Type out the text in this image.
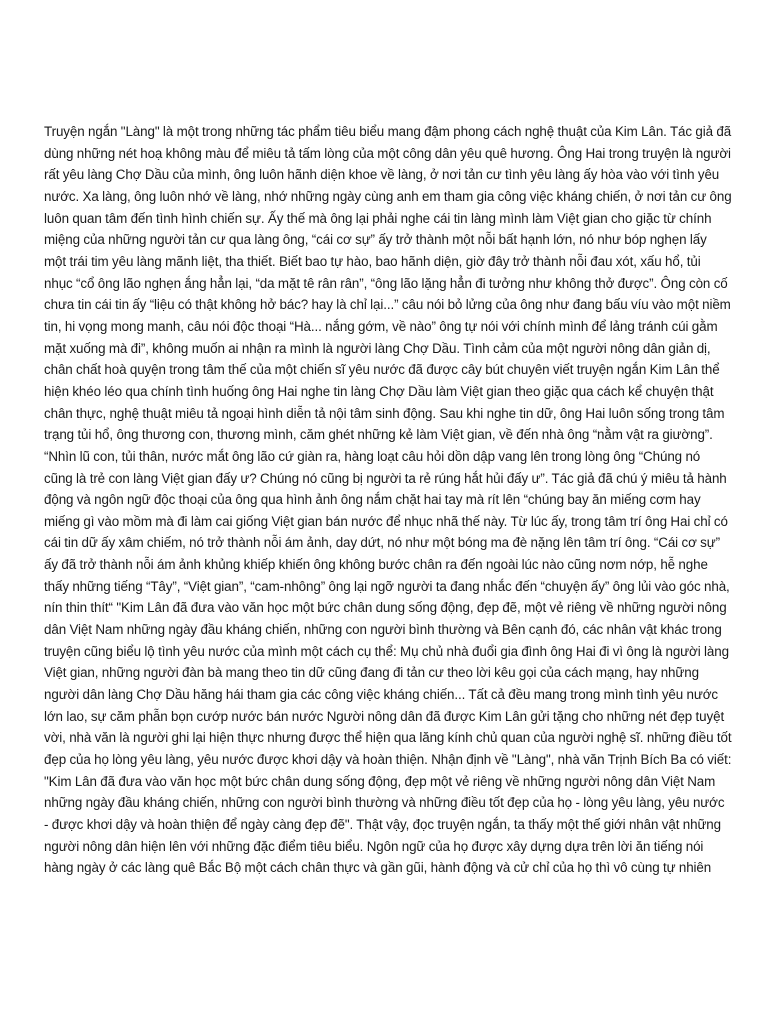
Truyện ngắn "Làng" là một trong những tác phẩm tiêu biểu mang đậm phong cách nghệ thuật của Kim Lân. Tác giả đã dùng những nét hoạ không màu để miêu tả tấm lòng của một công dân yêu quê hương. Ông Hai trong truyện là người rất yêu làng Chợ Dầu của mình, ông luôn hãnh diện khoe về làng, ở nơi tản cư tình yêu làng ấy hòa vào với tình yêu nước. Xa làng, ông luôn nhớ về làng, nhớ những ngày cùng anh em tham gia công việc kháng chiến, ở nơi tản cư ông luôn quan tâm đến tình hình chiến sự. Ấy thế mà ông lại phải nghe cái tin làng mình làm Việt gian cho giặc từ chính miệng của những người tản cư qua làng ông, “cái cơ sự” ấy trở thành một nỗi bất hạnh lớn, nó như bóp nghẹn lấy một trái tim yêu làng mãnh liệt, tha thiết. Biết bao tự hào, bao hãnh diện, giờ đây trở thành nỗi đau xót, xấu hổ, tủi nhục “cổ ông lão nghẹn ắng hẳn lại, “da mặt tê rân rân”, “ông lão lặng hẳn đi tưởng như không thở được”. Ông còn cố chưa tin cái tin ấy “liệu có thật không hở bác? hay là chỉ lại...” câu nói bỏ lửng của ông như đang bấu víu vào một niềm tin, hi vọng mong manh, câu nói độc thoại “Hà... nắng gớm, về nào” ông tự nói với chính mình để lảng tránh cúi gằm mặt xuống mà đi”, không muốn ai nhận ra mình là người làng Chợ Dầu. Tình cảm của một người nông dân giản dị, chân chất hoà quyện trong tâm thế của một chiến sĩ yêu nước đã được cây bút chuyên viết truyện ngắn Kim Lân thể hiện khéo léo qua chính tình huống ông Hai nghe tin làng Chợ Dầu làm Việt gian theo giặc qua cách kể chuyện thật chân thực, nghệ thuật miêu tả ngoại hình diễn tả nội tâm sinh động. Sau khi nghe tin dữ, ông Hai luôn sống trong tâm trạng tủi hổ, ông thương con, thương mình, căm ghét những kẻ làm Việt gian, về đến nhà ông “nằm vật ra giường”. “Nhìn lũ con, tủi thân, nước mắt ông lão cứ giàn ra, hàng loạt câu hỏi dồn dập vang lên trong lòng ông “Chúng nó cũng là trẻ con làng Việt gian đấy ư? Chúng nó cũng bị người ta rẻ rúng hắt hủi đấy ư”. Tác giả đã chú ý miêu tả hành động và ngôn ngữ độc thoại của ông qua hình ảnh ông nắm chặt hai tay mà rít lên “chúng bay ăn miếng cơm hay miếng gì vào mồm mà đi làm cai giống Việt gian bán nước để nhục nhã thế này. Từ lúc ấy, trong tâm trí ông Hai chỉ có cái tin dữ ấy xâm chiếm, nó trở thành nỗi ám ảnh, day dứt, nó như một bóng ma đè nặng lên tâm trí ông. “Cái cơ sự” ấy đã trở thành nỗi ám ảnh khủng khiếp khiến ông không bước chân ra đến ngoài lúc nào cũng nơm nớp, hễ nghe thấy những tiếng “Tây”, “Việt gian”, “cam-nhông” ông lại ngỡ người ta đang nhắc đến “chuyện ấy” ông lủi vào góc nhà, nín thin thít“ "Kim Lân đã đưa vào văn học một bức chân dung sống động, đẹp đẽ, một vẻ riêng về những người nông dân Việt Nam những ngày đầu kháng chiến, những con người bình thường và Bên cạnh đó, các nhân vật khác trong truyện cũng biểu lộ tình yêu nước của mình một cách cụ thể: Mụ chủ nhà đuổi gia đình ông Hai đi vì ông là người làng Việt gian, những người đàn bà mang theo tin dữ cũng đang đi tản cư theo lời kêu gọi của cách mạng, hay những người dân làng Chợ Dầu hăng hái tham gia các công việc kháng chiến... Tất cả đều mang trong mình tình yêu nước lớn lao, sự căm phẫn bọn cướp nước bán nước Người nông dân đã được Kim Lân gửi tặng cho những nét đẹp tuyệt vời, nhà văn là người ghi lại hiện thực nhưng được thể hiện qua lăng kính chủ quan của người nghệ sĩ. những điều tốt đẹp của họ lòng yêu làng, yêu nước được khơi dậy và hoàn thiện. Nhận định về "Làng", nhà văn Trịnh Bích Ba có viết: "Kim Lân đã đưa vào văn học một bức chân dung sống động, đẹp một vẻ riêng về những người nông dân Việt Nam những ngày đầu kháng chiến, những con người bình thường và những điều tốt đẹp của họ - lòng yêu làng, yêu nước - được khơi dậy và hoàn thiện để ngày càng đẹp đẽ". Thật vậy, đọc truyện ngắn, ta thấy một thế giới nhân vật những người nông dân hiện lên với những đặc điểm tiêu biểu. Ngôn ngữ của họ được xây dựng dựa trên lời ăn tiếng nói hàng ngày ở các làng quê Bắc Bộ một cách chân thực và gần gũi, hành động và cử chỉ của họ thì vô cùng tự nhiên
